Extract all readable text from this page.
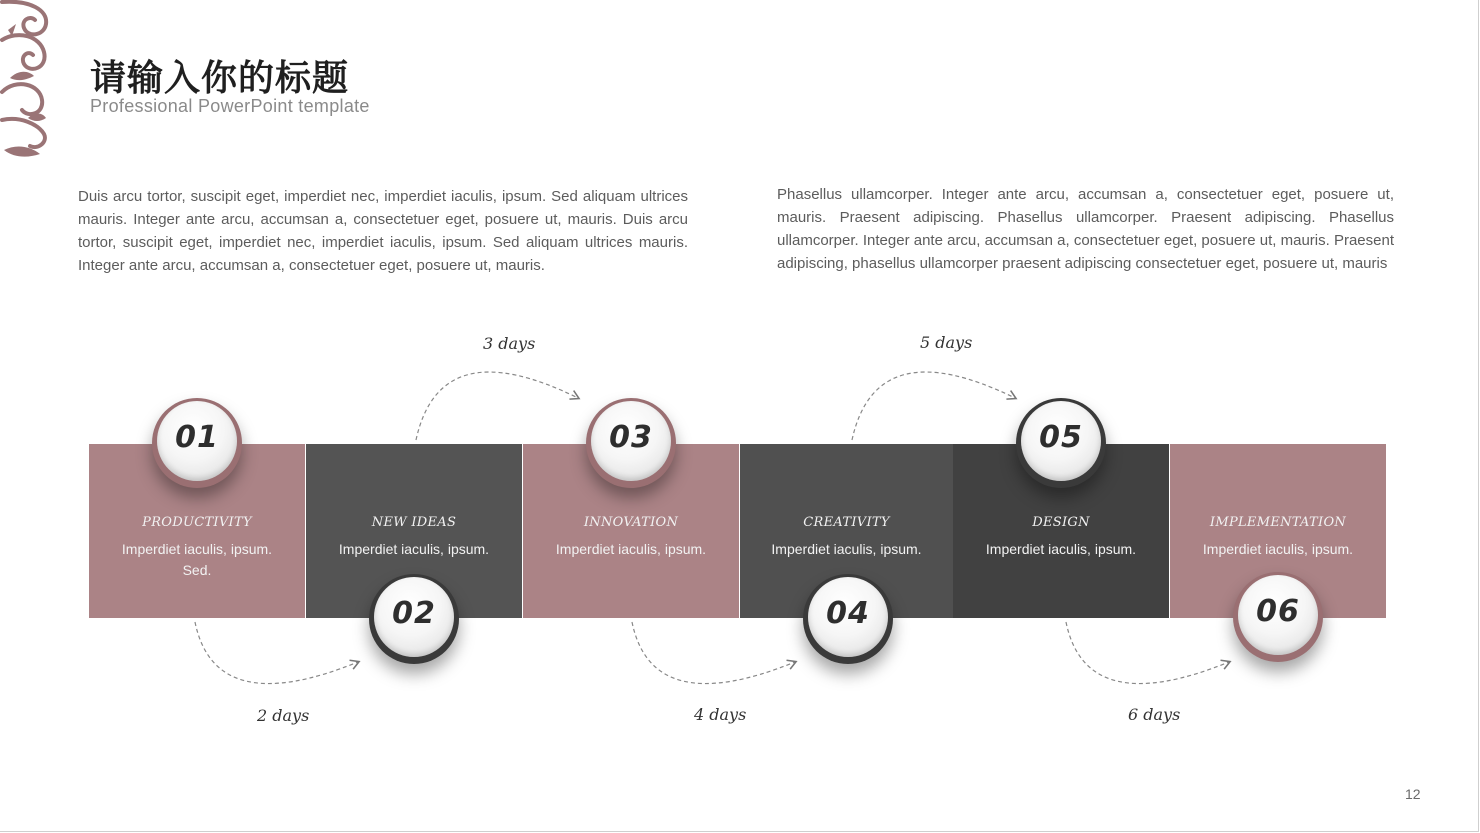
请输入你的标题
Professional PowerPoint template

Duis arcu tortor, suscipit eget, imperdiet nec, imperdiet iaculis, ipsum. Sed aliquam ultrices mauris. Integer ante arcu, accumsan a, consectetuer eget, posuere ut, mauris. Duis arcu tortor, suscipit eget, imperdiet nec, imperdiet iaculis, ipsum. Sed aliquam ultrices mauris. Integer ante arcu, accumsan a, consectetuer eget, posuere ut, mauris.

Phasellus ullamcorper. Integer ante arcu, accumsan a, consectetuer eget, posuere ut, mauris. Praesent adipiscing. Phasellus ullamcorper. Praesent adipiscing. Phasellus ullamcorper. Integer ante arcu, accumsan a, consectetuer eget, posuere ut, mauris. Praesent adipiscing, phasellus ullamcorper praesent adipiscing consectetuer eget, posuere ut, mauris

2 days
3 days
4 days
5 days
6 days
PRODUCTIVITY
Imperdiet iaculis, ipsum. Sed.
NEW IDEAS
Imperdiet iaculis, ipsum.
INNOVATION
Imperdiet iaculis, ipsum.
CREATIVITY
Imperdiet iaculis, ipsum.
DESIGN
Imperdiet iaculis, ipsum.
IMPLEMENTATION
Imperdiet iaculis, ipsum.
01
02
03
04
05
06
12
